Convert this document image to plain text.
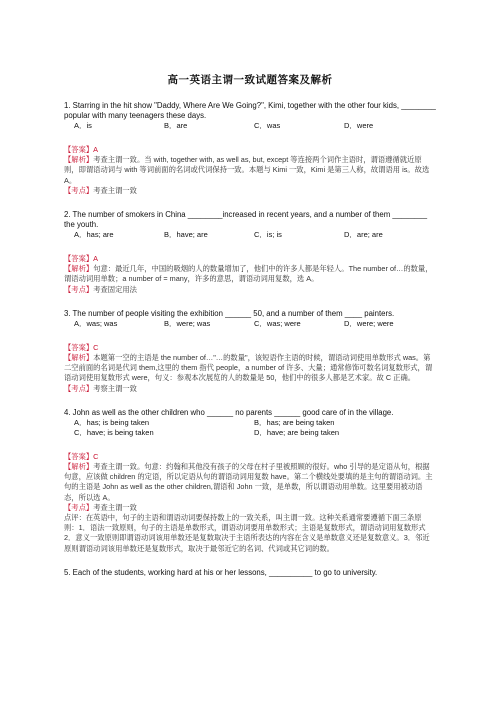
高一英语主谓一致试题答案及解析
1. Starring in the hit show "Daddy, Where Are We Going?", Kimi, together with the other four kids, ________ popular with many teenagers these days.
A．is	B．are	C．was	D．were
【答案】A
【解析】考查主谓一致。当 with, together with, as well as, but, except 等连接两个词作主语时，谓语遵循就近原则，即谓语动词与 with 等词前面的名词或代词保持一致。本题与 Kimi 一致，Kimi 是第三人称，故谓语用 is。故选 A。
【考点】考查主谓一致
2. The number of smokers in China ________increased in recent years, and a number of them ________ the youth.
A．has; are	B．have; are	C．is; is	D．are; are
【答案】A
【解析】句意：最近几年，中国的吸烟的人的数量增加了，他们中的许多人都是年轻人。The number of…的数量，谓语动词用单数；a number of = many，许多的意思，谓语动词用复数，选 A。
【考点】考查固定用法
3. The number of people visiting the exhibition ______ 50, and a number of them ____ painters.
A．was; was	B．were; was	C．was; were	D．were; were
【答案】C
【解析】本题第一空的主语是 the number of…"…的数量"，该短语作主语的时候，谓语动词使用单数形式 was。第二空前面的名词是代词 them,这里的 them 指代 people，a number of 许多、大量；通常修饰可数名词复数形式，谓语动词使用复数形式 were，句义：参观本次展览的人的数量是 50，他们中的很多人都是艺术家。故 C 正确。
【考点】考察主谓一致
4. John as well as the other children who ______ no parents ______ good care of in the village.
A．has; is being taken	B．has; are being taken
C．have; is being taken	D．have; are being taken
【答案】C
【解析】考查主谓一致。句意：约翰和其他没有孩子的父母在村子里被照顾的很好。who 引导的是定语从句，根据句意，应该做 children 的定语，所以定语从句的谓语动词用复数 have。第二个横线处要填的是主句的谓语动词。主句的主语是 John as well as the other children,谓语和 John 一致，是单数，所以谓语动用单数。这里要用被动语态，所以选 A。
【考点】考查主谓一致
点评：在英语中，句子的主语和谓语动词要保持数上的一致关系，叫主谓一致。这种关系通常要遵循下面三条原则：1．语法一致原则，句子的主语是单数形式，谓语动词要用单数形式；主语是复数形式，谓语动词用复数形式 2．意义一致原则即谓语动词该用单数还是复数取决于主语所表达的内容在含义是单数意义还是复数意义。3．邻近原则谓语动词该用单数还是复数形式，取决于最邻近它的名词、代词或其它词的数。
5. Each of the students, working hard at his or her lessons, __________ to go to university.
